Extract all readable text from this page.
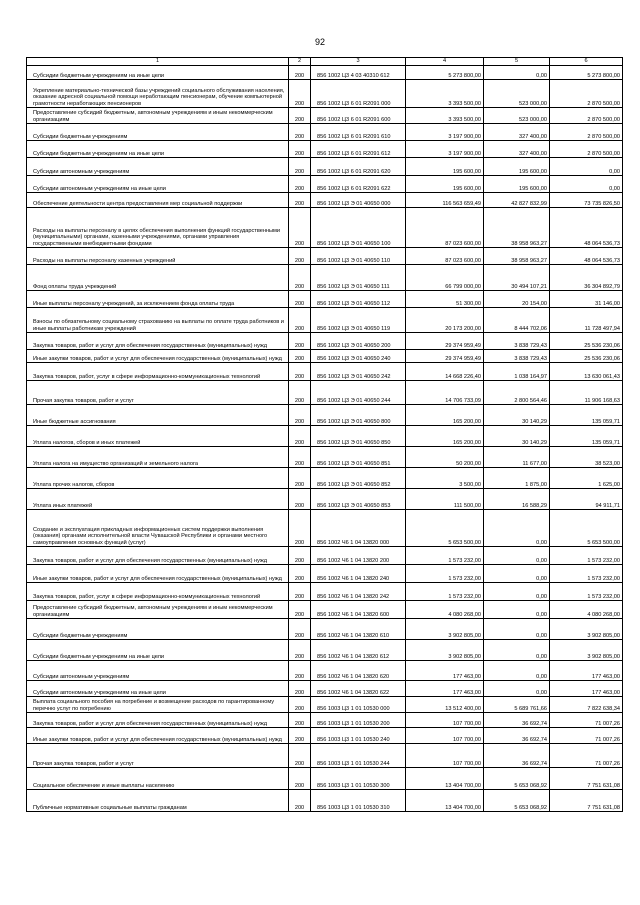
92
1	2	3	4	5	6
Субсидии бюджетным учреждениям на иные цели	200	856 1002 Ц3 4 03 40310 612	5 273 800,00	0,00	5 273 800,00
Укрепление материально-технической базы учреждений социального обслуживания населения, оказание адресной социальной помощи неработающим пенсионерам, обучение компьютерной грамотности неработающих пенсионеров	200	856 1002 Ц3 6 01 R2091 000	3 393 500,00	523 000,00	2 870 500,00
Предоставление субсидий бюджетным, автономным учреждениям и иным некоммерческим организациям	200	856 1002 Ц3 6 01 R2091 600	3 393 500,00	523 000,00	2 870 500,00
Субсидии бюджетным учреждениям	200	856 1002 Ц3 6 01 R2091 610	3 197 900,00	327 400,00	2 870 500,00
Субсидии бюджетным учреждениям на иные цели	200	856 1002 Ц3 6 01 R2091 612	3 197 900,00	327 400,00	2 870 500,00
Субсидии автономным учреждениям	200	856 1002 Ц3 6 01 R2091 620	195 600,00	195 600,00	0,00
Субсидии автономным учреждениям на иные цели	200	856 1002 Ц3 6 01 R2091 622	195 600,00	195 600,00	0,00
Обеспечение деятельности центра предоставления мер социальной поддержки	200	856 1002 Ц3 Э 01 40650 000	116 563 659,49	42 827 832,99	73 735 826,50
Расходы на выплаты персоналу в целях обеспечения выполнения функций государственными (муниципальными) органами, казенными учреждениями, органами управления государственными внебюджетными фондами	200	856 1002 Ц3 Э 01 40650 100	87 023 600,00	38 958 963,27	48 064 536,73
Расходы на выплаты персоналу казенных учреждений	200	856 1002 Ц3 Э 01 40650 110	87 023 600,00	38 958 963,27	48 064 536,73
Фонд оплаты труда учреждений	200	856 1002 Ц3 Э 01 40650 111	66 799 000,00	30 494 107,21	36 304 892,79
Иные выплаты персоналу учреждений, за исключением фонда оплаты труда	200	856 1002 Ц3 Э 01 40650 112	51 300,00	20 154,00	31 146,00
Взносы по обязательному социальному страхованию на выплаты по оплате труда работников и иные выплаты работникам учреждений	200	856 1002 Ц3 Э 01 40650 119	20 173 200,00	8 444 702,06	11 728 497,94
Закупка товаров, работ и услуг для обеспечения государственных (муниципальных) нужд	200	856 1002 Ц3 Э 01 40650 200	29 374 959,49	3 838 729,43	25 536 230,06
Иные закупки товаров, работ и услуг для обеспечения государственных (муниципальных) нужд	200	856 1002 Ц3 Э 01 40650 240	29 374 959,49	3 838 729,43	25 536 230,06
Закупка товаров, работ, услуг в сфере информационно-коммуникационных технологий	200	856 1002 Ц3 Э 01 40650 242	14 668 226,40	1 038 164,97	13 630 061,43
Прочая закупка товаров, работ и услуг	200	856 1002 Ц3 Э 01 40650 244	14 706 733,09	2 800 564,46	11 906 168,63
Иные бюджетные ассигнования	200	856 1002 Ц3 Э 01 40650 800	165 200,00	30 140,29	135 059,71
Уплата налогов, сборов и иных платежей	200	856 1002 Ц3 Э 01 40650 850	165 200,00	30 140,29	135 059,71
Уплата налога на имущество организаций и земельного налога	200	856 1002 Ц3 Э 01 40650 851	50 200,00	11 677,00	38 523,00
Уплата прочих налогов, сборов	200	856 1002 Ц3 Э 01 40650 852	3 500,00	1 875,00	1 625,00
Уплата иных платежей	200	856 1002 Ц3 Э 01 40650 853	111 500,00	16 588,29	94 911,71
Создание и эксплуатация прикладных информационных систем поддержки выполнения (оказания) органами исполнительной власти Чувашской Республики и органами местного самоуправления основных функций (услуг)	200	856 1002 Ч6 1 04 13820 000	5 653 500,00	0,00	5 653 500,00
Закупка товаров, работ и услуг для обеспечения государственных (муниципальных) нужд	200	856 1002 Ч6 1 04 13820 200	1 573 232,00	0,00	1 573 232,00
Иные закупки товаров, работ и услуг для обеспечения государственных (муниципальных) нужд	200	856 1002 Ч6 1 04 13820 240	1 573 232,00	0,00	1 573 232,00
Закупка товаров, работ, услуг в сфере информационно-коммуникационных технологий	200	856 1002 Ч6 1 04 13820 242	1 573 232,00	0,00	1 573 232,00
Предоставление субсидий бюджетным, автономным учреждениям и иным некоммерческим организациям	200	856 1002 Ч6 1 04 13820 600	4 080 268,00	0,00	4 080 268,00
Субсидии бюджетным учреждениям	200	856 1002 Ч6 1 04 13820 610	3 902 805,00	0,00	3 902 805,00
Субсидии бюджетным учреждениям на иные цели	200	856 1002 Ч6 1 04 13820 612	3 902 805,00	0,00	3 902 805,00
Субсидии автономным учреждениям	200	856 1002 Ч6 1 04 13820 620	177 463,00	0,00	177 463,00
Субсидии автономным учреждениям на иные цели	200	856 1002 Ч6 1 04 13820 622	177 463,00	0,00	177 463,00
Выплата социального пособия на погребение и возмещение расходов по гарантированному перечню услуг по погребению	200	856 1003 Ц3 1 01 10530 000	13 512 400,00	5 689 761,66	7 822 638,34
Закупка товаров, работ и услуг для обеспечения государственных (муниципальных) нужд	200	856 1003 Ц3 1 01 10530 200	107 700,00	36 692,74	71 007,26
Иные закупки товаров, работ и услуг для обеспечения государственных (муниципальных) нужд	200	856 1003 Ц3 1 01 10530 240	107 700,00	36 692,74	71 007,26
Прочая закупка товаров, работ и услуг	200	856 1003 Ц3 1 01 10530 244	107 700,00	36 692,74	71 007,26
Социальное обеспечение и иные выплаты населению	200	856 1003 Ц3 1 01 10530 300	13 404 700,00	5 653 068,92	7 751 631,08
Публичные нормативные социальные выплаты гражданам	200	856 1003 Ц3 1 01 10530 310	13 404 700,00	5 653 068,92	7 751 631,08
